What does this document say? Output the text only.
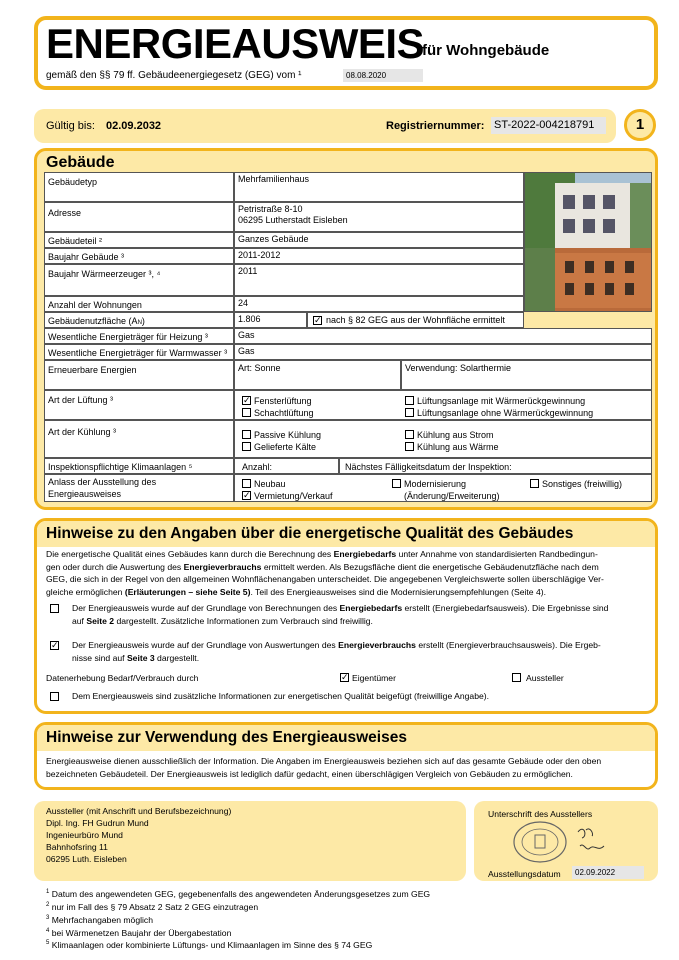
ENERGIEAUSWEIS
für Wohngebäude
gemäß den §§ 79 ff. Gebäudeenergiegesetz (GEG) vom ¹	08.08.2020
Gültig bis: 02.09.2032	Registriernummer: ST-2022-004218791	1
Gebäude
Gebäudetyp	Mehrfamilienhaus
Adresse	Petristraße 8-10
06295 Lutherstadt Eisleben
Gebäudeteil ²	Ganzes Gebäude
Baujahr Gebäude ³	2011-2012
Baujahr Wärmeerzeuger ³, ⁴	2011
Anzahl der Wohnungen	24
Gebäudenutzfläche (AN)	1.806	✓ nach § 82 GEG aus der Wohnfläche ermittelt
Wesentliche Energieträger für Heizung ³	Gas
Wesentliche Energieträger für Warmwasser ³ Gas
Erneuerbare Energien	Art: Sonne	Verwendung: Solarthermie
Art der Lüftung ³	✓ Fensterlüftung
Schachtlüftung
Lüftungsanlage mit Wärmerückgewinnung
Lüftungsanlage ohne Wärmerückgewinnung
Art der Kühlung ³	Passive Kühlung
Gelieferte Kälte
Kühlung aus Strom
Kühlung aus Wärme
Inspektionspflichtige Klimaanlagen ⁵	Anzahl:	Nächstes Fälligkeitsdatum der Inspektion:
Anlass der Ausstellung des
Energieausweises
Neubau
✓ Vermietung/Verkauf
Modernisierung
(Änderung/Erweiterung)
Sonstiges (freiwillig)
Hinweise zu den Angaben über die energetische Qualität des Gebäudes
Die energetische Qualität eines Gebäudes kann durch die Berechnung des Energiebedarfs unter Annahme von standardisierten Randbedingun-
gen oder durch die Auswertung des Energieverbrauchs ermittelt werden. Als Bezugsfläche dient die energetische Gebäudenutzfläche nach dem
GEG, die sich in der Regel von den allgemeinen Wohnflächenangaben unterscheidet. Die angegebenen Vergleichswerte sollen überschlägige Ver-
gleiche ermöglichen (Erläuterungen – siehe Seite 5). Teil des Energieausweises sind die Modernisierungsempfehlungen (Seite 4).
Der Energieausweis wurde auf der Grundlage von Berechnungen des Energiebedarfs erstellt (Energiebedarfsausweis). Die Ergebnisse sind
auf Seite 2 dargestellt. Zusätzliche Informationen zum Verbrauch sind freiwillig.
✓ Der Energieausweis wurde auf der Grundlage von Auswertungen des Energieverbrauchs erstellt (Energieverbrauchsausweis). Die Ergeb-
nisse sind auf Seite 3 dargestellt.
Datenerhebung Bedarf/Verbrauch durch	✓ Eigentümer	Aussteller
Dem Energieausweis sind zusätzliche Informationen zur energetischen Qualität beigefügt (freiwillige Angabe).
Hinweise zur Verwendung des Energieausweises
Energieausweise dienen ausschließlich der Information. Die Angaben im Energieausweis beziehen sich auf das gesamte Gebäude oder den oben
bezeichneten Gebäudeteil. Der Energieausweis ist lediglich dafür gedacht, einen überschlägigen Vergleich von Gebäuden zu ermöglichen.
Aussteller (mit Anschrift und Berufsbezeichnung)
Dipl. Ing. FH Gudrun Mund
Ingenieurbüro Mund
Bahnhofsring 11
06295 Luth. Eisleben
Unterschrift des Ausstellers
Ausstellungsdatum	02.09.2022
$^1$ Datum des angewendeten GEG, gegebenenfalls des angewendeten Änderungsgesetzes zum GEG
$^2$ nur im Fall des § 79 Absatz 2 Satz 2 GEG einzutragen
$^3$ Mehrfachangaben möglich
$^4$ bei Wärmenetzen Baujahr der Übergabestation
$^5$ Klimaanlagen oder kombinierte Lüftungs- und Klimaanlagen im Sinne des § 74 GEG
